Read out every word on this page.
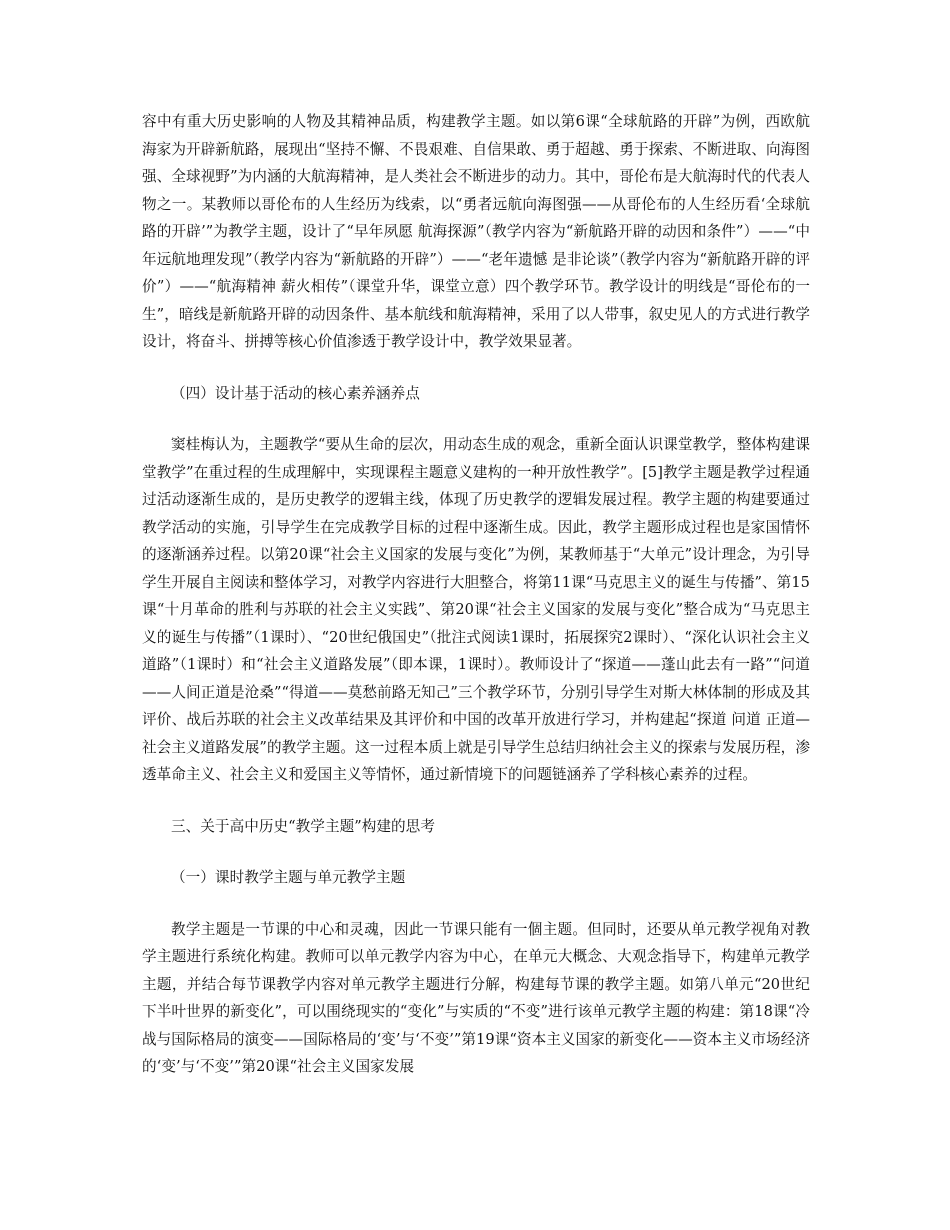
容中有重大历史影响的人物及其精神品质，构建教学主题。如以第6课“全球航路的开辟”为例，西欧航海家为开辟新航路，展现出“坚持不懈、不畏艰难、自信果敢、勇于超越、勇于探索、不断进取、向海图强、全球视野”为内涵的大航海精神，是人类社会不断进步的动力。其中，哥伦布是大航海时代的代表人物之一。某教师以哥伦布的人生经历为线索，以“勇者远航向海图强——从哥伦布的人生经历看‘全球航路的开辟’”为教学主题，设计了“早年夙愿 航海探源”（教学内容为“新航路开辟的动因和条件”）——“中年远航地理发现”（教学内容为“新航路的开辟”）——“老年遗憾 是非论谈”（教学内容为“新航路开辟的评价”）——“航海精神 薪火相传”（课堂升华，课堂立意）四个教学环节。教学设计的明线是“哥伦布的一生”，暗线是新航路开辟的动因条件、基本航线和航海精神，采用了以人带事，叙史见人的方式进行教学设计，将奋斗、拼搏等核心价值渗透于教学设计中，教学效果显著。

（四）设计基于活动的核心素养涵养点

窦桂梅认为，主题教学“要从生命的层次，用动态生成的观念，重新全面认识课堂教学，整体构建课堂教学”在重过程的生成理解中，实现课程主题意义建构的一种开放性教学”。[5]教学主题是教学过程通过活动逐渐生成的，是历史教学的逻辑主线，体现了历史教学的逻辑发展过程。教学主题的构建要通过教学活动的实施，引导学生在完成教学目标的过程中逐渐生成。因此，教学主题形成过程也是家国情怀的逐渐涵养过程。以第20课“社会主义国家的发展与变化”为例，某教师基于“大单元”设计理念，为引导学生开展自主阅读和整体学习，对教学内容进行大胆整合，将第11课“马克思主义的诞生与传播”、第15课“十月革命的胜利与苏联的社会主义实践”、第20课“社会主义国家的发展与变化”整合成为“马克思主义的诞生与传播”（1课时）、“20世纪俄国史”（批注式阅读1课时，拓展探究2课时）、“深化认识社会主义道路”（1课时）和“社会主义道路发展”（即本课，1课时）。教师设计了“探道——蓬山此去有一路”“问道——人间正道是沧桑”“得道——莫愁前路无知己”三个教学环节，分别引导学生对斯大林体制的形成及其评价、战后苏联的社会主义改革结果及其评价和中国的改革开放进行学习，并构建起“探道 问道 正道—社会主义道路发展”的教学主题。这一过程本质上就是引导学生总结归纳社会主义的探索与发展历程，渗透革命主义、社会主义和爱国主义等情怀，通过新情境下的问题链涵养了学科核心素养的过程。

三、关于高中历史“教学主题”构建的思考

（一）课时教学主题与单元教学主题

教学主题是一节课的中心和灵魂，因此一节课只能有一個主题。但同时，还要从单元教学视角对教学主题进行系统化构建。教师可以单元教学内容为中心，在单元大概念、大观念指导下，构建单元教学主题，并结合每节课教学内容对单元教学主题进行分解，构建每节课的教学主题。如第八单元“20世纪下半叶世界的新变化”，可以围绕现实的“变化”与实质的“不变”进行该单元教学主题的构建：第18课“冷战与国际格局的演变——国际格局的‘变’与‘不变’”第19课“资本主义国家的新变化——资本主义市场经济的‘变’与‘不变’”第20课“社会主义国家发展
